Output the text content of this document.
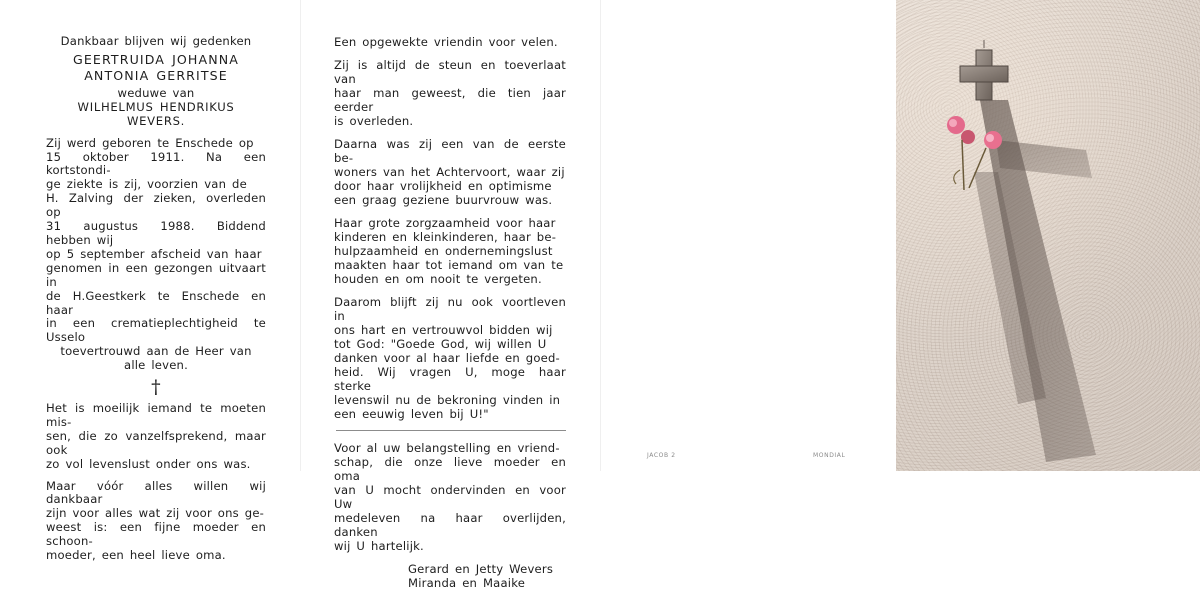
JACOB 2	MONDIAL
Dankbaar blijven wij gedenken
GEERTRUIDA JOHANNA
ANTONIA GERRITSE
weduwe van
WILHELMUS HENDRIKUS WEVERS.
Zij werd geboren te Enschede op
15 oktober 1911. Na een kortstondi-
ge ziekte is zij, voorzien van de
H. Zalving der zieken, overleden op
31 augustus 1988. Biddend hebben wij
op 5 september afscheid van haar
genomen in een gezongen uitvaart in
de H.Geestkerk te Enschede en haar
in een crematieplechtigheid te Usselo
toevertrouwd aan de Heer van
alle leven.
†
Het is moeilijk iemand te moeten mis-
sen, die zo vanzelfsprekend, maar ook
zo vol levenslust onder ons was.
Maar vóór alles willen wij dankbaar
zijn voor alles wat zij voor ons ge-
weest is: een fijne moeder en schoon-
moeder, een heel lieve oma.

Een opgewekte vriendin voor velen.

Zij is altijd de steun en toeverlaat van
haar man geweest, die tien jaar eerder
is overleden.

Daarna was zij een van de eerste be-
woners van het Achtervoort, waar zij
door haar vrolijkheid en optimisme
een graag geziene buurvrouw was.

Haar grote zorgzaamheid voor haar
kinderen en kleinkinderen, haar be-
hulpzaamheid en ondernemingslust
maakten haar tot iemand om van te
houden en om nooit te vergeten.

Daarom blijft zij nu ook voortleven in
ons hart en vertrouwvol bidden wij
tot God: "Goede God, wij willen U
danken voor al haar liefde en goed-
heid. Wij vragen U, moge haar sterke
levenswil nu de bekroning vinden in
een eeuwig leven bij U!"

Voor al uw belangstelling en vriend-
schap, die onze lieve moeder en oma
van U mocht ondervinden en voor Uw
medeleven na haar overlijden, danken
wij U hartelijk.

Gerard en Jetty Wevers
Miranda en Maaike
